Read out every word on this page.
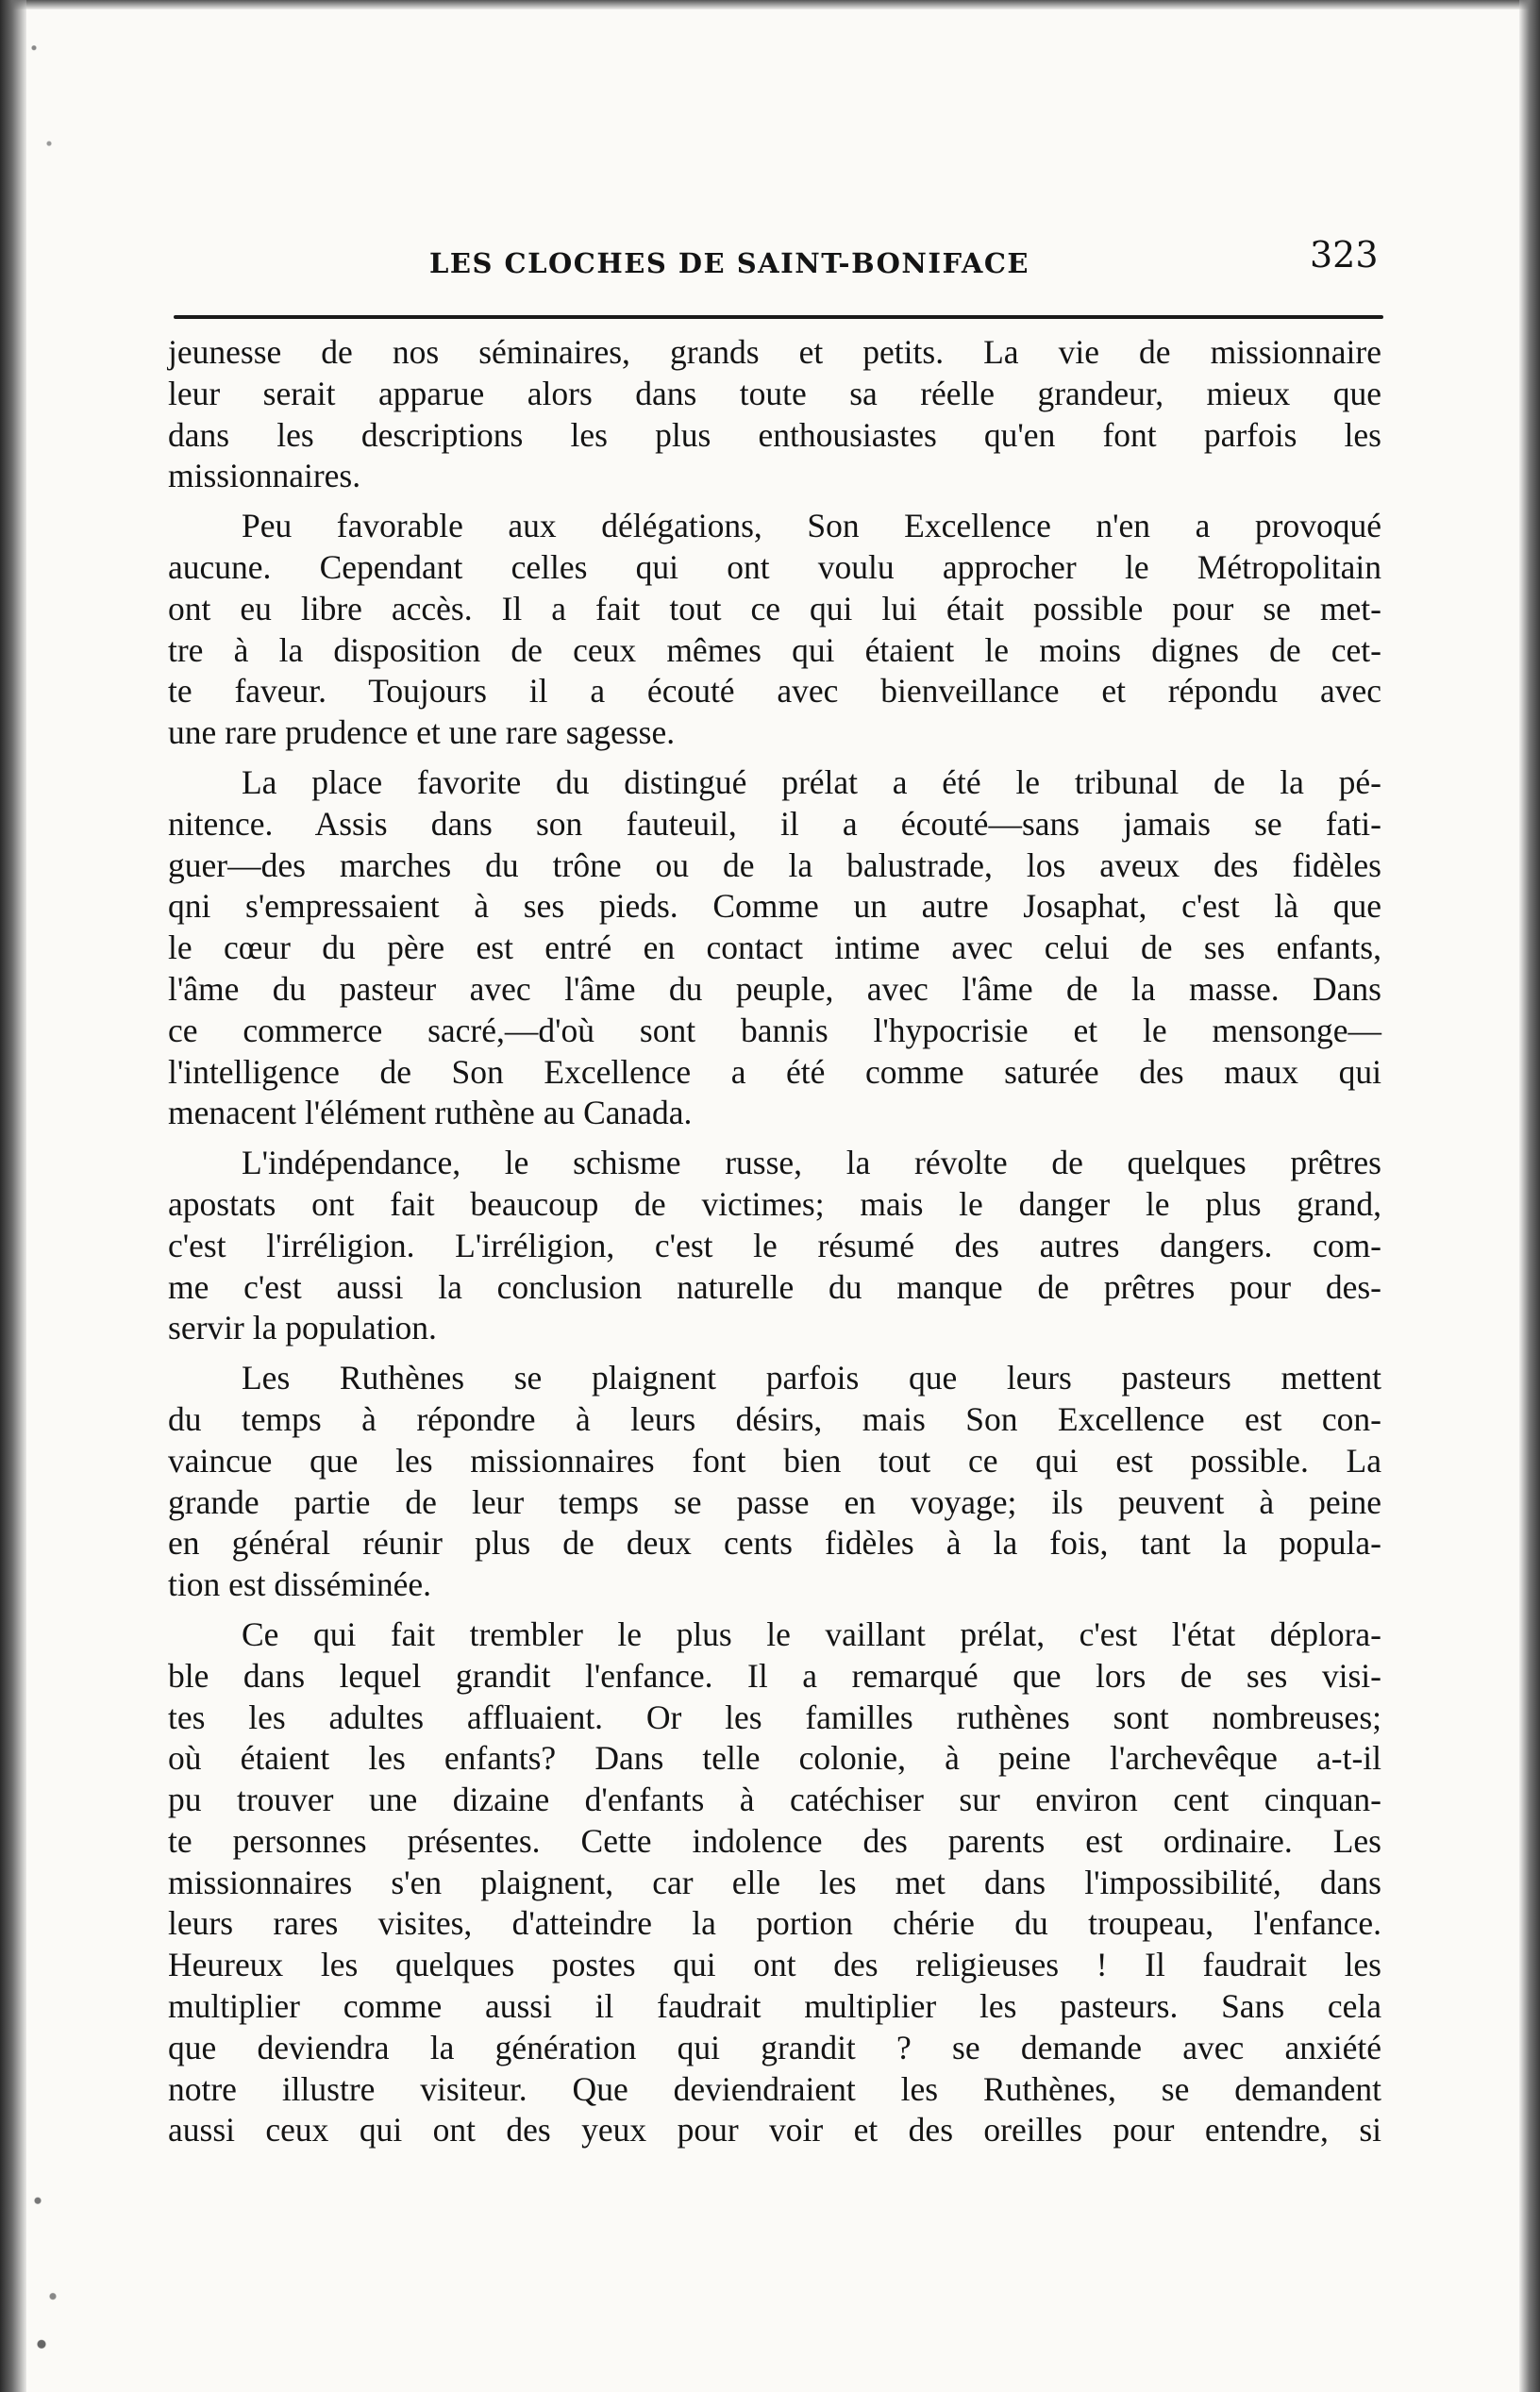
LES CLOCHES DE SAINT-BONIFACE	323
jeunesse de nos séminaires, grands et petits. La vie de missionnaire
leur serait apparue alors dans toute sa réelle grandeur, mieux que
dans les descriptions les plus enthousiastes qu'en font parfois les
missionnaires.
Peu favorable aux délégations, Son Excellence n'en a provoqué
aucune. Cependant celles qui ont voulu approcher le Métropolitain
ont eu libre accès. Il a fait tout ce qui lui était possible pour se met-
tre à la disposition de ceux mêmes qui étaient le moins dignes de cet-
te faveur. Toujours il a écouté avec bienveillance et répondu avec
une rare prudence et une rare sagesse.
La place favorite du distingué prélat a été le tribunal de la pé-
nitence. Assis dans son fauteuil, il a écouté—sans jamais se fati-
guer—des marches du trône ou de la balustrade, los aveux des fidèles
qni s'empressaient à ses pieds. Comme un autre Josaphat, c'est là que
le cœur du père est entré en contact intime avec celui de ses enfants,
l'âme du pasteur avec l'âme du peuple, avec l'âme de la masse. Dans
ce commerce sacré,—d'où sont bannis l'hypocrisie et le mensonge—
l'intelligence de Son Excellence a été comme saturée des maux qui
menacent l'élément ruthène au Canada.
L'indépendance, le schisme russe, la révolte de quelques prêtres
apostats ont fait beaucoup de victimes; mais le danger le plus grand,
c'est l'irréligion. L'irréligion, c'est le résumé des autres dangers. com-
me c'est aussi la conclusion naturelle du manque de prêtres pour des-
servir la population.
Les Ruthènes se plaignent parfois que leurs pasteurs mettent
du temps à répondre à leurs désirs, mais Son Excellence est con-
vaincue que les missionnaires font bien tout ce qui est possible. La
grande partie de leur temps se passe en voyage; ils peuvent à peine
en général réunir plus de deux cents fidèles à la fois, tant la popula-
tion est disséminée.
Ce qui fait trembler le plus le vaillant prélat, c'est l'état déplora-
ble dans lequel grandit l'enfance. Il a remarqué que lors de ses visi-
tes les adultes affluaient. Or les familles ruthènes sont nombreuses;
où étaient les enfants? Dans telle colonie, à peine l'archevêque a-t-il
pu trouver une dizaine d'enfants à catéchiser sur environ cent cinquan-
te personnes présentes. Cette indolence des parents est ordinaire. Les
missionnaires s'en plaignent, car elle les met dans l'impossibilité, dans
leurs rares visites, d'atteindre la portion chérie du troupeau, l'enfance.
Heureux les quelques postes qui ont des religieuses ! Il faudrait les
multiplier comme aussi il faudrait multiplier les pasteurs. Sans cela
que deviendra la génération qui grandit ? se demande avec anxiété
notre illustre visiteur. Que deviendraient les Ruthènes, se demandent
aussi ceux qui ont des yeux pour voir et des oreilles pour entendre, si
